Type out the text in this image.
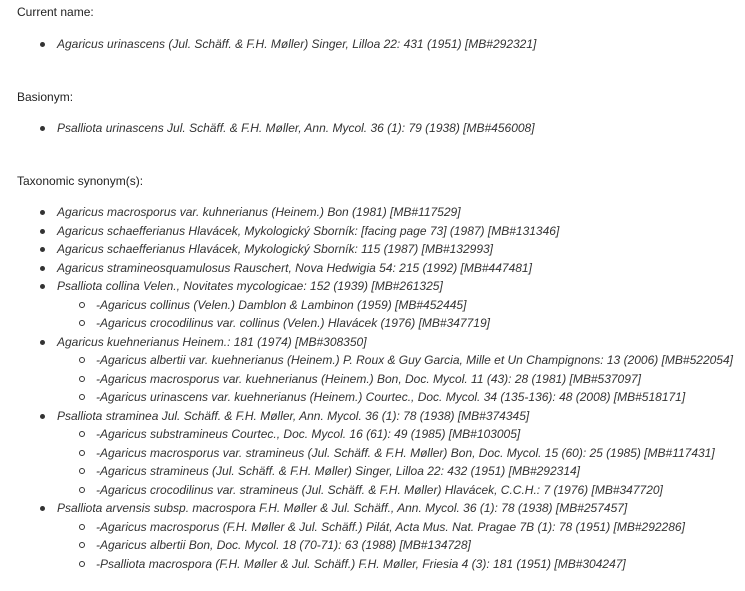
Current name:
Agaricus urinascens (Jul. Schäff. & F.H. Møller) Singer, Lilloa 22: 431 (1951) [MB#292321]
Basionym:
Psalliota urinascens Jul. Schäff. & F.H. Møller, Ann. Mycol. 36 (1): 79 (1938) [MB#456008]
Taxonomic synonym(s):
Agaricus macrosporus var. kuhnerianus (Heinem.) Bon (1981) [MB#117529]
Agaricus schaefferianus Hlavácek, Mykologický Sborník: [facing page 73] (1987) [MB#131346]
Agaricus schaefferianus Hlavácek, Mykologický Sborník: 115 (1987) [MB#132993]
Agaricus stramineosquamulosus Rauschert, Nova Hedwigia 54: 215 (1992) [MB#447481]
Psalliota collina Velen., Novitates mycologicae: 152 (1939) [MB#261325]
-Agaricus collinus (Velen.) Damblon & Lambinon (1959) [MB#452445]
-Agaricus crocodilinus var. collinus (Velen.) Hlavácek (1976) [MB#347719]
Agaricus kuehnerianus Heinem.: 181 (1974) [MB#308350]
-Agaricus albertii var. kuehnerianus (Heinem.) P. Roux & Guy Garcia, Mille et Un Champignons: 13 (2006) [MB#522054]
-Agaricus macrosporus var. kuehnerianus (Heinem.) Bon, Doc. Mycol. 11 (43): 28 (1981) [MB#537097]
-Agaricus urinascens var. kuehnerianus (Heinem.) Courtec., Doc. Mycol. 34 (135-136): 48 (2008) [MB#518171]
Psalliota straminea Jul. Schäff. & F.H. Møller, Ann. Mycol. 36 (1): 78 (1938) [MB#374345]
-Agaricus substramineus Courtec., Doc. Mycol. 16 (61): 49 (1985) [MB#103005]
-Agaricus macrosporus var. stramineus (Jul. Schäff. & F.H. Møller) Bon, Doc. Mycol. 15 (60): 25 (1985) [MB#117431]
-Agaricus stramineus (Jul. Schäff. & F.H. Møller) Singer, Lilloa 22: 432 (1951) [MB#292314]
-Agaricus crocodilinus var. stramineus (Jul. Schäff. & F.H. Møller) Hlavácek, C.C.H.: 7 (1976) [MB#347720]
Psalliota arvensis subsp. macrospora F.H. Møller & Jul. Schäff., Ann. Mycol. 36 (1): 78 (1938) [MB#257457]
-Agaricus macrosporus (F.H. Møller & Jul. Schäff.) Pilát, Acta Mus. Nat. Pragae 7B (1): 78 (1951) [MB#292286]
-Agaricus albertii Bon, Doc. Mycol. 18 (70-71): 63 (1988) [MB#134728]
-Psalliota macrospora (F.H. Møller & Jul. Schäff.) F.H. Møller, Friesia 4 (3): 181 (1951) [MB#304247]
